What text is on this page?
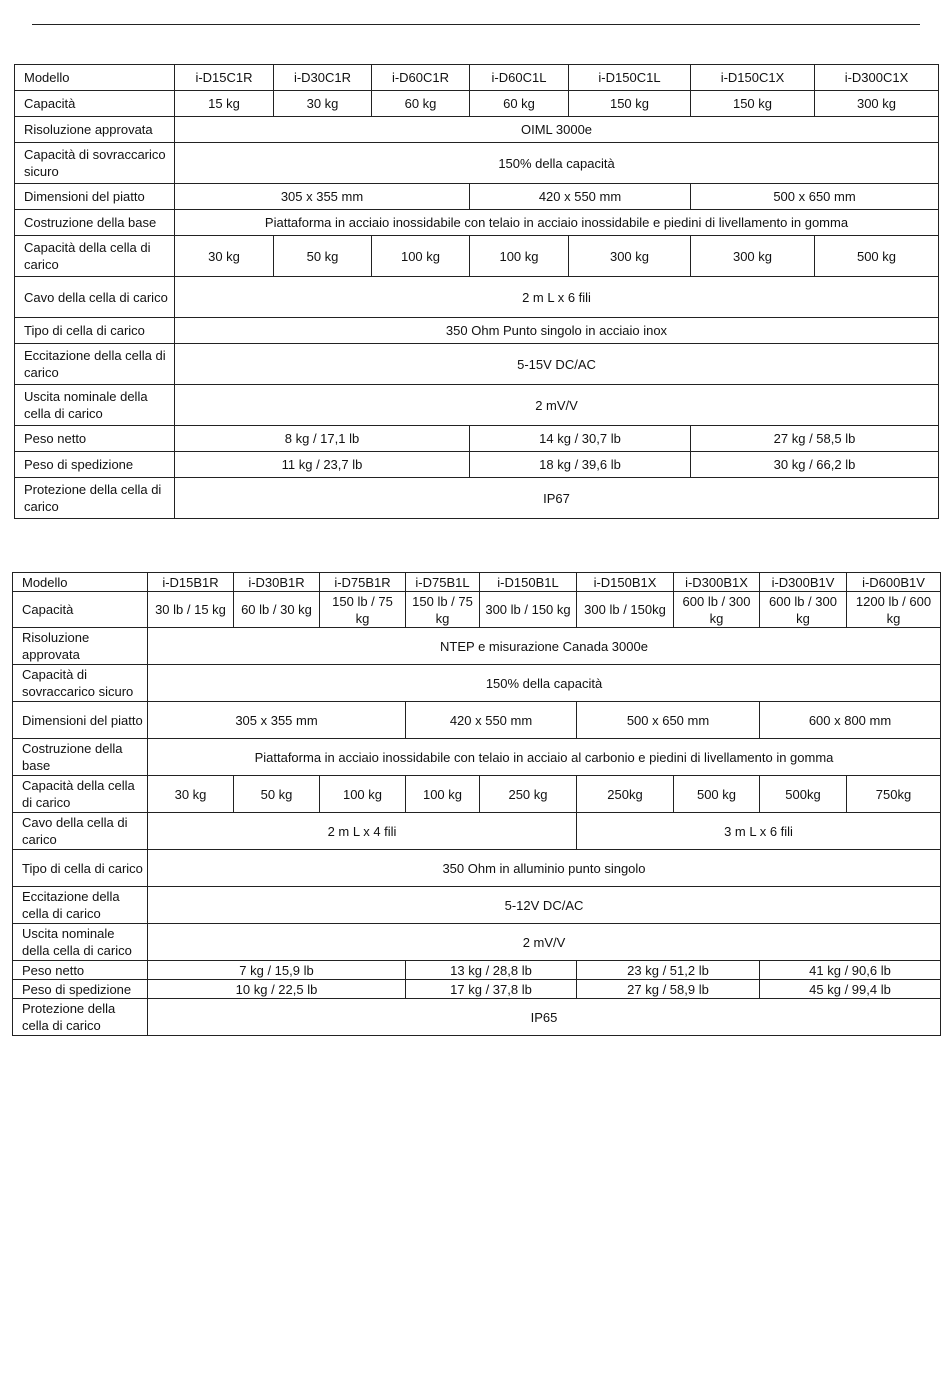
Modello	i-D15C1R	i-D30C1R	i-D60C1R	i-D60C1L	i-D150C1L	i-D150C1X	i-D300C1X
Capacità	15 kg	30 kg	60 kg	60 kg	150 kg	150 kg	300 kg
Risoluzione approvata	OIML 3000e						
Capacità di sovraccarico sicuro	150% della capacità						
Dimensioni del piatto	305 x 355 mm			420 x 550 mm		500 x 650 mm	
Costruzione della base	Piattaforma in acciaio inossidabile con telaio in acciaio inossidabile e piedini di livellamento in gomma						
Capacità della cella di carico	30 kg	50 kg	100 kg	100 kg	300 kg	300 kg	500 kg
Cavo della cella di carico	2 m L x 6 fili						
Tipo di cella di carico	350 Ohm Punto singolo in acciaio inox						
Eccitazione della cella di carico	5-15V DC/AC						
Uscita nominale della cella di carico	2 mV/V						
Peso netto	8 kg / 17,1 lb			14 kg / 30,7 lb		27 kg / 58,5 lb	
Peso di spedizione	11 kg / 23,7 lb			18 kg / 39,6 lb		30 kg / 66,2 lb	
Protezione della cella di carico	IP67						
Modello	i-D15B1R	i-D30B1R	i-D75B1R	i-D75B1L	i-D150B1L	i-D150B1X	i-D300B1X	i-D300B1V	i-D600B1V
Capacità	30 lb / 15 kg	60 lb / 30 kg	150 lb / 75 kg	150 lb / 75 kg	300 lb / 150 kg	300 lb / 150kg	600 lb / 300 kg	600 lb / 300 kg	1200 lb / 600 kg
Risoluzione approvata	NTEP e misurazione Canada 3000e								
Capacità di sovraccarico sicuro	150% della capacità								
Dimensioni del piatto	305 x 355 mm			420 x 550 mm		500 x 650 mm		600 x 800 mm	
Costruzione della base	Piattaforma in acciaio inossidabile con telaio in acciaio al carbonio e piedini di livellamento in gomma								
Capacità della cella di carico	30 kg	50 kg	100 kg	100 kg	250 kg	250kg	500 kg	500kg	750kg
Cavo della cella di carico	2 m L x 4 fili					3 m L x 6 fili			
Tipo di cella di carico	350 Ohm in alluminio punto singolo								
Eccitazione della cella di carico	5-12V DC/AC								
Uscita nominale della cella di carico	2 mV/V								
Peso netto	7 kg / 15,9 lb			13 kg / 28,8 lb		23 kg / 51,2 lb		41 kg / 90,6 lb	
Peso di spedizione	10 kg / 22,5 lb			17 kg / 37,8 lb		27 kg / 58,9 lb		45 kg / 99,4 lb	
Protezione della cella di carico	IP65								
